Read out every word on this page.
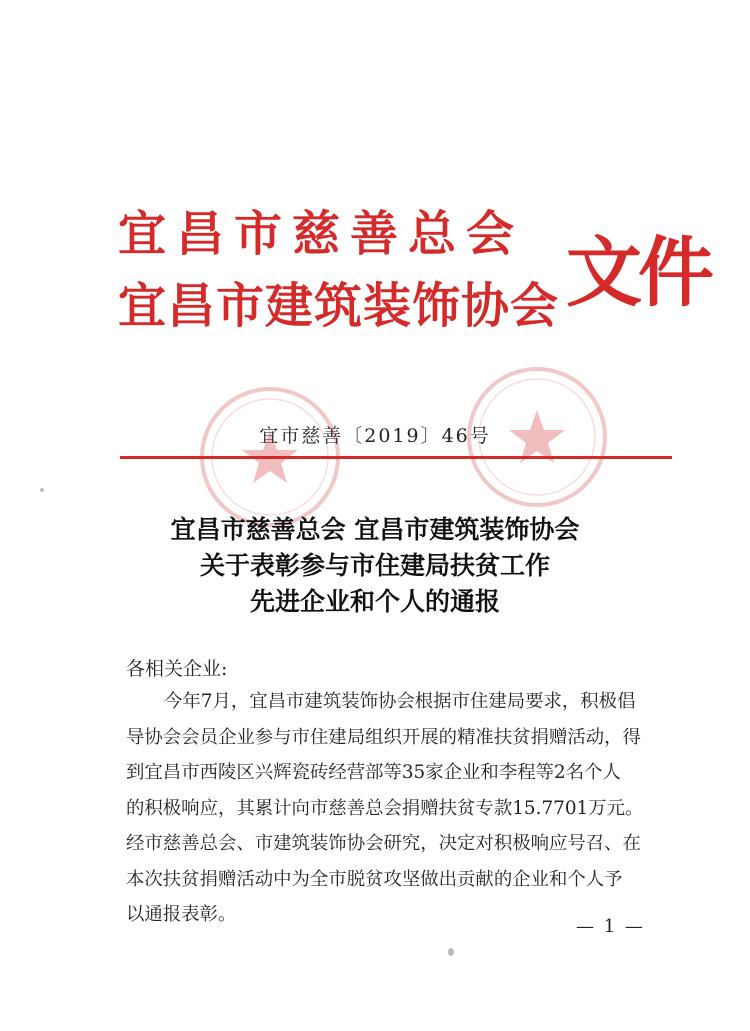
宜昌市慈善总会
宜昌市建筑装饰协会 文件
宜市慈善〔2019〕46号
宜昌市慈善总会 宜昌市建筑装饰协会
关于表彰参与市住建局扶贫工作
先进企业和个人的通报
各相关企业:
今年7月，宜昌市建筑装饰协会根据市住建局要求，积极倡
导协会会员企业参与市住建局组织开展的精准扶贫捐赠活动，得
到宜昌市西陵区兴辉瓷砖经营部等35家企业和李程等2名个人
的积极响应，其累计向市慈善总会捐赠扶贫专款15.7701万元。
经市慈善总会、市建筑装饰协会研究，决定对积极响应号召、在
本次扶贫捐赠活动中为全市脱贫攻坚做出贡献的企业和个人予
以通报表彰。
— 1 —
